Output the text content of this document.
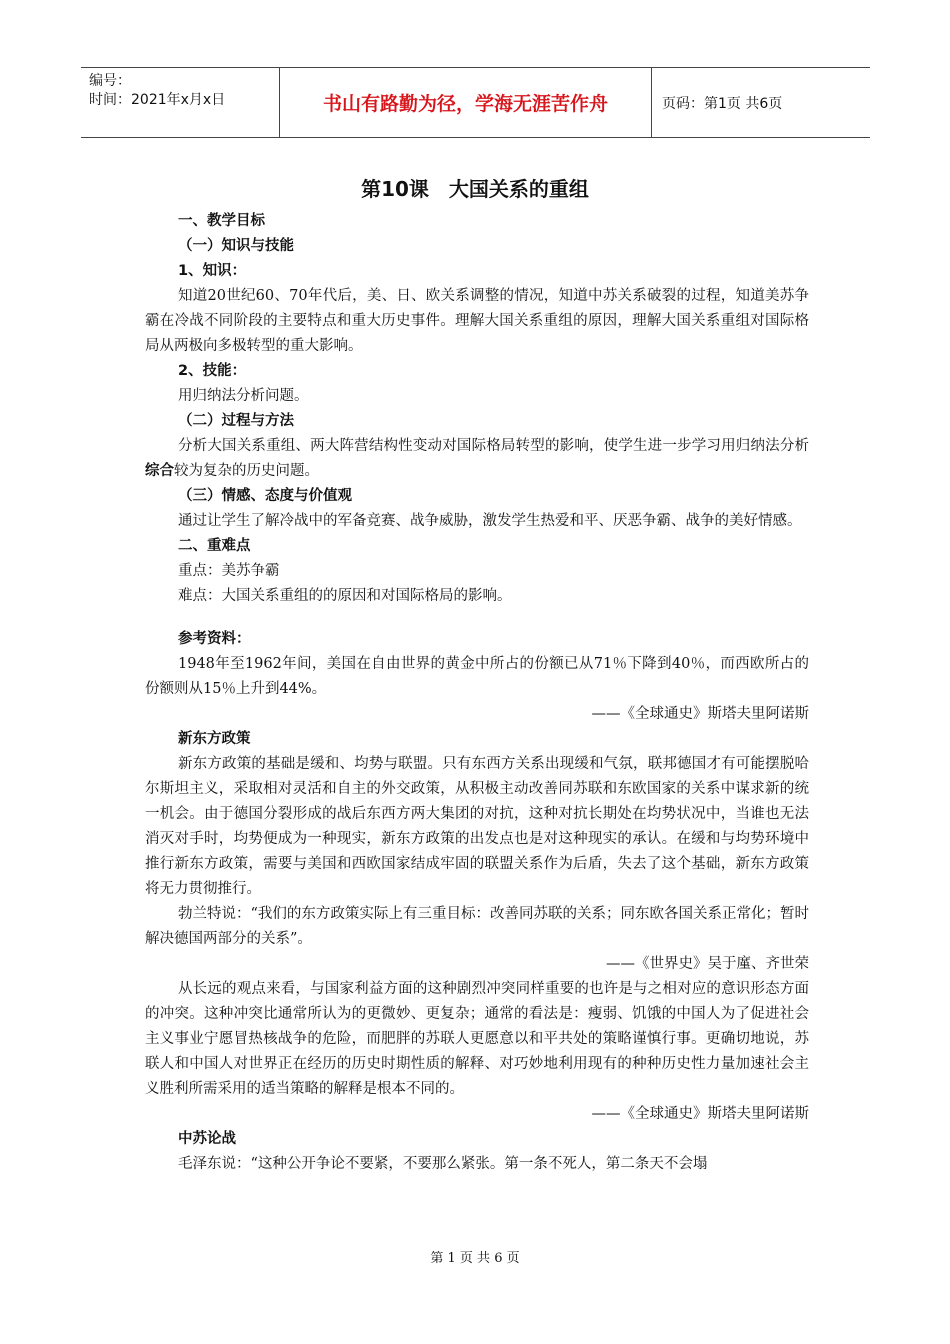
编号：
时间：2021年x月x日	书山有路勤为径，学海无涯苦作舟	页码：第1页 共6页
第10课　大国关系的重组

一、教学目标

（一）知识与技能

1、知识：

知道20世纪60、70年代后，美、日、欧关系调整的情况，知道中苏关系破裂的过程，知道美苏争霸在冷战不同阶段的主要特点和重大历史事件。理解大国关系重组的原因，理解大国关系重组对国际格局从两极向多极转型的重大影响。

2、技能：

用归纳法分析问题。

（二）过程与方法

分析大国关系重组、两大阵营结构性变动对国际格局转型的影响，使学生进一步学习用归纳法分析综合较为复杂的历史问题。

（三）情感、态度与价值观

通过让学生了解冷战中的军备竞赛、战争威胁，激发学生热爱和平、厌恶争霸、战争的美好情感。

二、重难点

重点：美苏争霸

难点：大国关系重组的的原因和对国际格局的影响。

参考资料：

1948年至1962年间，美国在自由世界的黄金中所占的份额已从71％下降到40％，而西欧所占的份额则从15％上升到44%。

——《全球通史》斯塔夫里阿诺斯

新东方政策

新东方政策的基础是缓和、均势与联盟。只有东西方关系出现缓和气氛，联邦德国才有可能摆脱哈尔斯坦主义，采取相对灵活和自主的外交政策，从积极主动改善同苏联和东欧国家的关系中谋求新的统一机会。由于德国分裂形成的战后东西方两大集团的对抗，这种对抗长期处在均势状况中，当谁也无法消灭对手时，均势便成为一种现实，新东方政策的出发点也是对这种现实的承认。在缓和与均势环境中推行新东方政策，需要与美国和西欧国家结成牢固的联盟关系作为后盾，失去了这个基础，新东方政策将无力贯彻推行。

勃兰特说：“我们的东方政策实际上有三重目标：改善同苏联的关系；同东欧各国关系正常化；暂时解决德国两部分的关系”。

——《世界史》吴于廑、齐世荣

从长远的观点来看，与国家利益方面的这种剧烈冲突同样重要的也许是与之相对应的意识形态方面的冲突。这种冲突比通常所认为的更微妙、更复杂；通常的看法是：瘦弱、饥饿的中国人为了促进社会主义事业宁愿冒热核战争的危险，而肥胖的苏联人更愿意以和平共处的策略谨慎行事。更确切地说，苏联人和中国人对世界正在经历的历史时期性质的解释、对巧妙地利用现有的种种历史性力量加速社会主义胜利所需采用的适当策略的解释是根本不同的。

——《全球通史》斯塔夫里阿诺斯

中苏论战

毛泽东说：“这种公开争论不要紧，不要那么紧张。第一条不死人，第二条天不会塌

第 1 页 共 6 页
